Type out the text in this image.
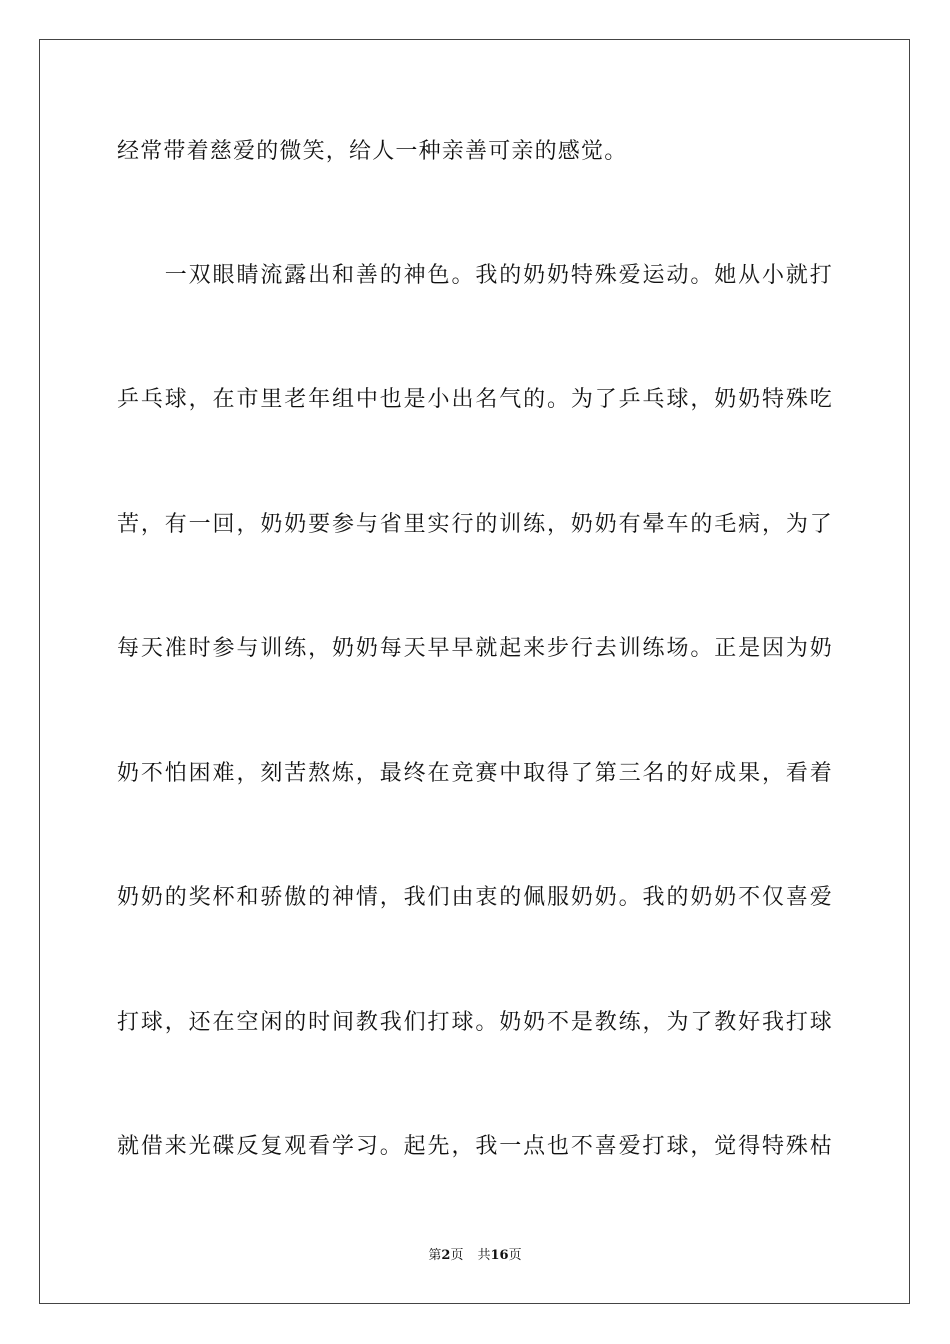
经常带着慈爱的微笑，给人一种亲善可亲的感觉。
　　一双眼睛流露出和善的神色。我的奶奶特殊爱运动。她从小就打
乒乓球，在市里老年组中也是小出名气的。为了乒乓球，奶奶特殊吃
苦，有一回，奶奶要参与省里实行的训练，奶奶有晕车的毛病，为了
每天准时参与训练，奶奶每天早早就起来步行去训练场。正是因为奶
奶不怕困难，刻苦熬炼，最终在竞赛中取得了第三名的好成果，看着
奶奶的奖杯和骄傲的神情，我们由衷的佩服奶奶。我的奶奶不仅喜爱
打球，还在空闲的时间教我们打球。奶奶不是教练，为了教好我打球
就借来光碟反复观看学习。起先，我一点也不喜爱打球，觉得特殊枯
第2页 共16页
